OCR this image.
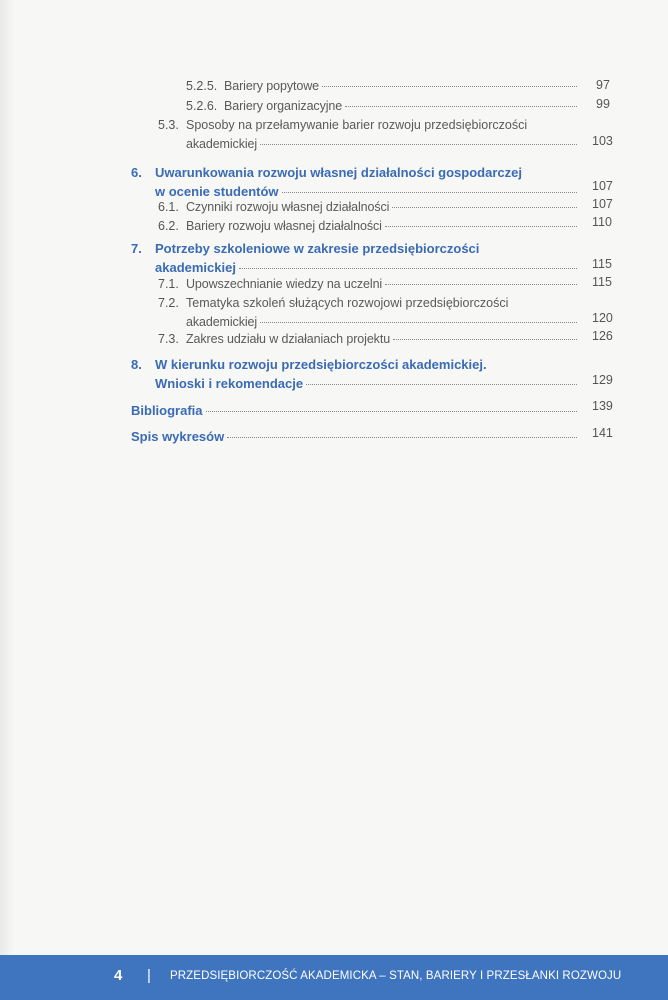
5.2.5. Bariery popytowe	97
5.2.6. Bariery organizacyjne	99
5.3. Sposoby na przełamywanie barier rozwoju przedsiębiorczości
akademickiej	103
6. Uwarunkowania rozwoju własnej działalności gospodarczej
w ocenie studentów	107
6.1. Czynniki rozwoju własnej działalności	107
6.2. Bariery rozwoju własnej działalności	110
7. Potrzeby szkoleniowe w zakresie przedsiębiorczości
akademickiej	115
7.1. Upowszechnianie wiedzy na uczelni	115
7.2. Tematyka szkoleń służących rozwojowi przedsiębiorczości
akademickiej	120
7.3. Zakres udziału w działaniach projektu	126
8. W kierunku rozwoju przedsiębiorczości akademickiej.
Wnioski i rekomendacje	129
Bibliografia	139
Spis wykresów	141
4 | PRZEDSIĘBIORCZOŚĆ AKADEMICKA – STAN, BARIERY I PRZESŁANKI ROZWOJU
